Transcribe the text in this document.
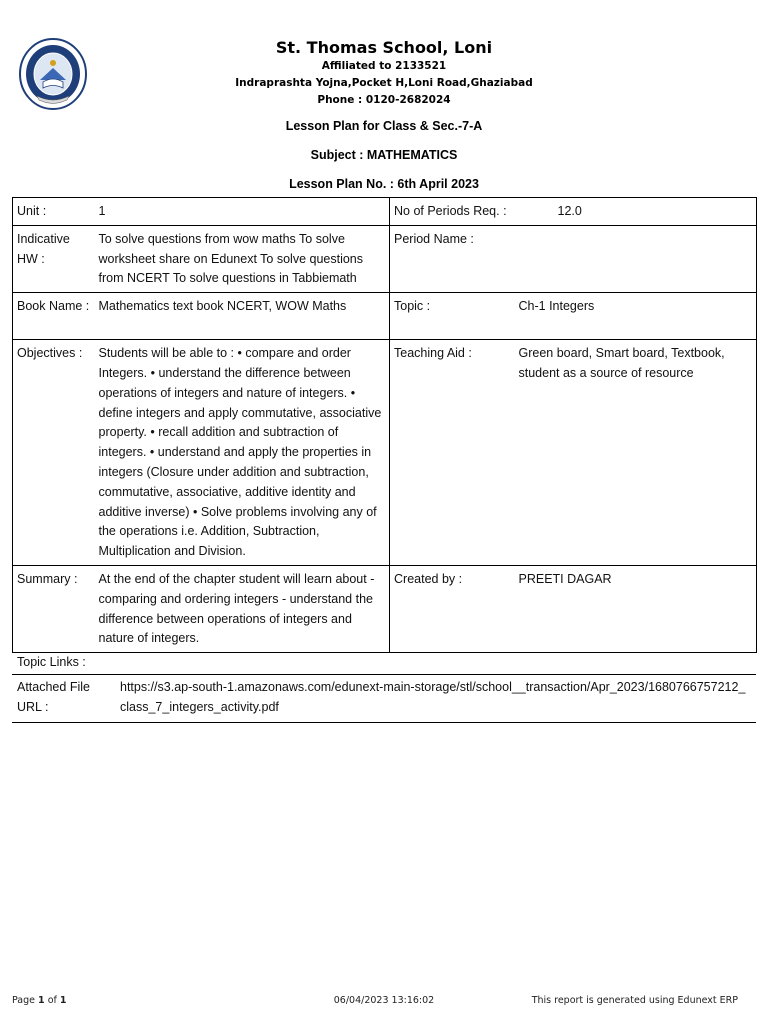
St. Thomas School, Loni
Affiliated to 2133521
Indraprashta Yojna,Pocket H,Loni Road,Ghaziabad
Phone : 0120-2682024
Lesson Plan for Class & Sec.-7-A
Subject : MATHEMATICS
Lesson Plan No. : 6th April 2023
Unit :	1	No of Periods Req. :	12.0
Indicative HW :	To solve questions from wow maths To solve worksheet share on Edunext To solve questions from NCERT To solve questions in Tabbiemath	Period Name :	
Book Name :	Mathematics text book NCERT, WOW Maths	Topic :	Ch-1 Integers
Objectives :	Students will be able to : • compare and order Integers. • understand the difference between operations of integers and nature of integers. • define integers and apply commutative, associative property. • recall addition and subtraction of integers. • understand and apply the properties in integers (Closure under addition and subtraction, commutative, associative, additive identity and additive inverse) • Solve problems involving any of the operations i.e. Addition, Subtraction, Multiplication and Division.	Teaching Aid :	Green board, Smart board, Textbook, student as a source of resource
Summary :	At the end of the chapter student will learn about - comparing and ordering integers - understand the difference between operations of integers and nature of integers.	Created by :	PREETI DAGAR
Topic Links :
Attached File URL :
https://s3.ap-south-1.amazonaws.com/edunext-main-storage/stl/school__transaction/Apr_2023/1680766757212_class_7_integers_activity.pdf
Page 1 of 1	06/04/2023 13:16:02	This report is generated using Edunext ERP
